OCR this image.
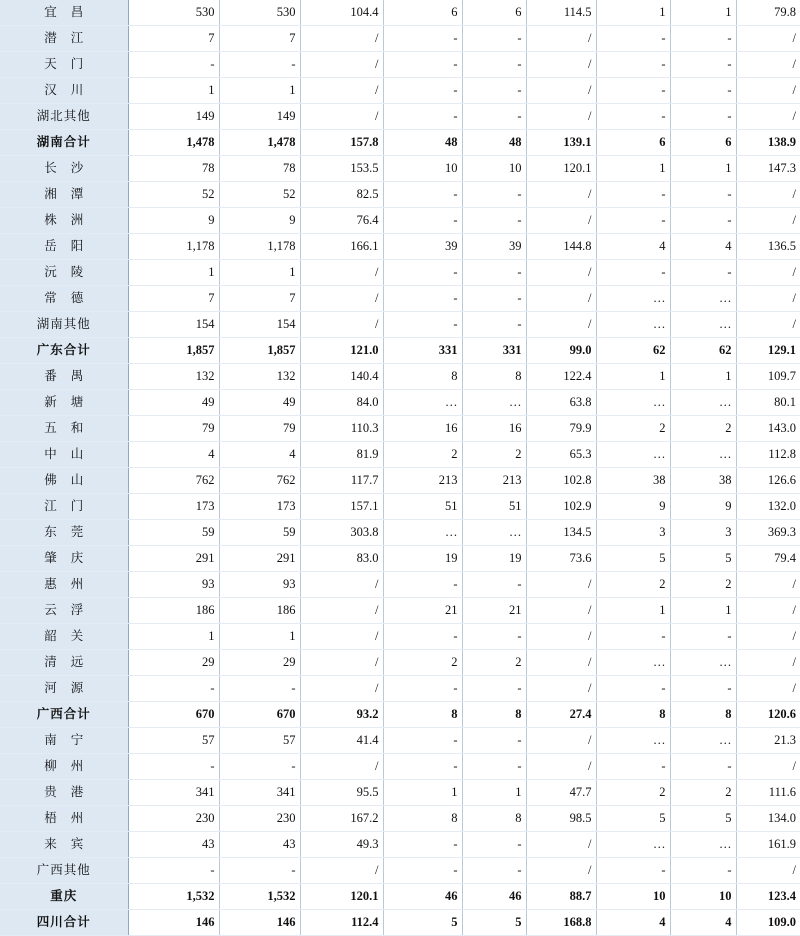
宜昌	530	530	104.4	6	6	114.5	1	1	79.8
潜江	7	7	/	-	-	/	-	-	/
天门	-	-	/	-	-	/	-	-	/
汉川	1	1	/	-	-	/	-	-	/
湖北其他	149	149	/	-	-	/	-	-	/
湖南合计	1,478	1,478	157.8	48	48	139.1	6	6	138.9
长沙	78	78	153.5	10	10	120.1	1	1	147.3
湘潭	52	52	82.5	-	-	/	-	-	/
株洲	9	9	76.4	-	-	/	-	-	/
岳阳	1,178	1,178	166.1	39	39	144.8	4	4	136.5
沅陵	1	1	/	-	-	/	-	-	/
常德	7	7	/	-	-	/	…	…	/
湖南其他	154	154	/	-	-	/	…	…	/
广东合计	1,857	1,857	121.0	331	331	99.0	62	62	129.1
番禺	132	132	140.4	8	8	122.4	1	1	109.7
新塘	49	49	84.0	…	…	63.8	…	…	80.1
五和	79	79	110.3	16	16	79.9	2	2	143.0
中山	4	4	81.9	2	2	65.3	…	…	112.8
佛山	762	762	117.7	213	213	102.8	38	38	126.6
江门	173	173	157.1	51	51	102.9	9	9	132.0
东莞	59	59	303.8	…	…	134.5	3	3	369.3
肇庆	291	291	83.0	19	19	73.6	5	5	79.4
惠州	93	93	/	-	-	/	2	2	/
云浮	186	186	/	21	21	/	1	1	/
韶关	1	1	/	-	-	/	-	-	/
清远	29	29	/	2	2	/	…	…	/
河源	-	-	/	-	-	/	-	-	/
广西合计	670	670	93.2	8	8	27.4	8	8	120.6
南宁	57	57	41.4	-	-	/	…	…	21.3
柳州	-	-	/	-	-	/	-	-	/
贵港	341	341	95.5	1	1	47.7	2	2	111.6
梧州	230	230	167.2	8	8	98.5	5	5	134.0
来宾	43	43	49.3	-	-	/	…	…	161.9
广西其他	-	-	/	-	-	/	-	-	/
重庆	1,532	1,532	120.1	46	46	88.7	10	10	123.4
四川合计	146	146	112.4	5	5	168.8	4	4	109.0
